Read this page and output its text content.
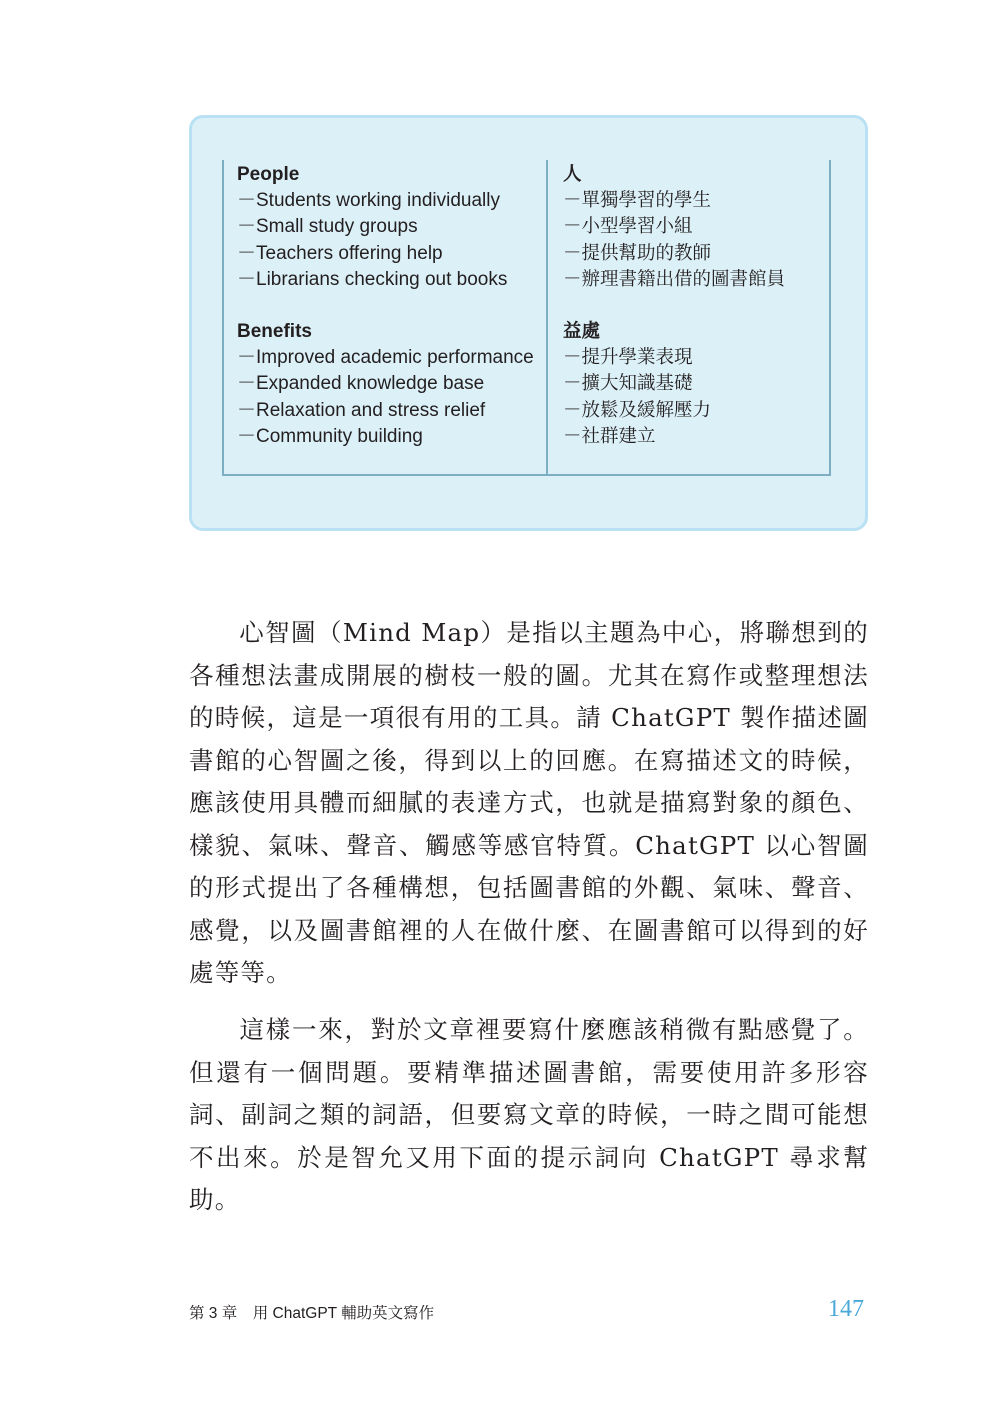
People

－Students working individually

－Small study groups

－Teachers offering help

－Librarians checking out books

Benefits

－Improved academic performance

－Expanded knowledge base

－Relaxation and stress relief

－Community building

人

－單獨學習的學生

－小型學習小組

－提供幫助的教師

－辦理書籍出借的圖書館員

益處

－提升學業表現

－擴大知識基礎

－放鬆及緩解壓力

－社群建立

心智圖（Mind Map）是指以主題為中心，將聯想到的各種想法畫成開展的樹枝一般的圖。尤其在寫作或整理想法的時候，這是一項很有用的工具。請 ChatGPT 製作描述圖書館的心智圖之後，得到以上的回應。在寫描述文的時候，應該使用具體而細膩的表達方式，也就是描寫對象的顏色、樣貌、氣味、聲音、觸感等感官特質。ChatGPT 以心智圖的形式提出了各種構想，包括圖書館的外觀、氣味、聲音、感覺，以及圖書館裡的人在做什麼、在圖書館可以得到的好處等等。

這樣一來，對於文章裡要寫什麼應該稍微有點感覺了。但還有一個問題。要精準描述圖書館，需要使用許多形容詞、副詞之類的詞語，但要寫文章的時候，一時之間可能想不出來。於是智允又用下面的提示詞向 ChatGPT 尋求幫助。

第 3 章　用 ChatGPT 輔助英文寫作	147
